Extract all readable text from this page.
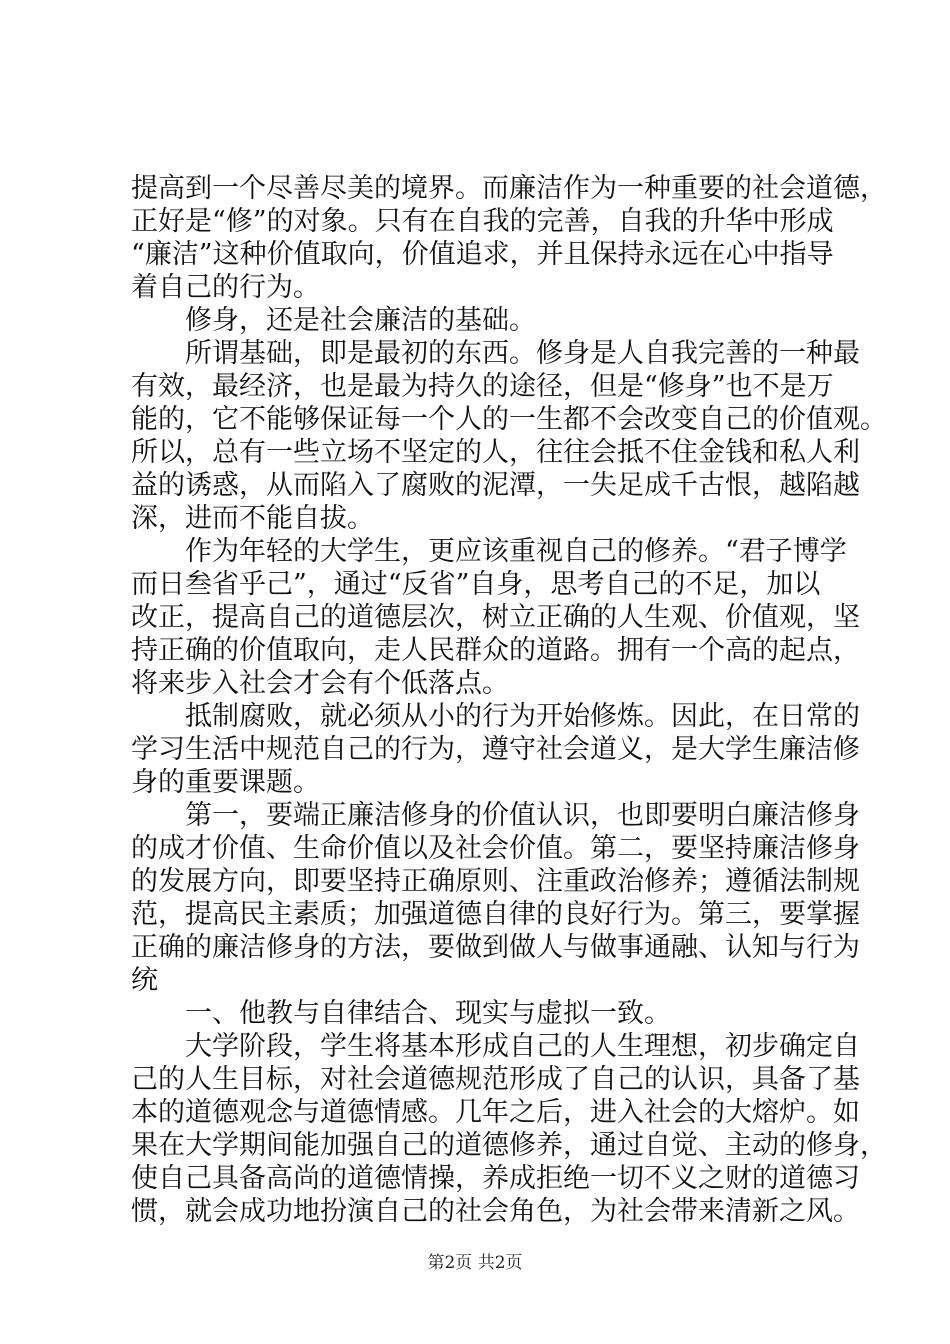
提高到一个尽善尽美的境界。而廉洁作为一种重要的社会道德，
正好是“修”的对象。只有在自我的完善，自我的升华中形成
“廉洁”这种价值取向，价值追求，并且保持永远在心中指导
着自己的行为。
修身，还是社会廉洁的基础。
所谓基础，即是最初的东西。修身是人自我完善的一种最
有效，最经济，也是最为持久的途径，但是“修身”也不是万
能的，它不能够保证每一个人的一生都不会改变自己的价值观。
所以，总有一些立场不坚定的人，往往会抵不住金钱和私人利
益的诱惑，从而陷入了腐败的泥潭，一失足成千古恨，越陷越
深，进而不能自拔。
作为年轻的大学生，更应该重视自己的修养。“君子博学
而日叁省乎己”，通过“反省”自身，思考自己的不足，加以
改正，提高自己的道德层次，树立正确的人生观、价值观，坚
持正确的价值取向，走人民群众的道路。拥有一个高的起点，
将来步入社会才会有个低落点。
抵制腐败，就必须从小的行为开始修炼。因此，在日常的
学习生活中规范自己的行为，遵守社会道义，是大学生廉洁修
身的重要课题。
第一，要端正廉洁修身的价值认识，也即要明白廉洁修身
的成才价值、生命价值以及社会价值。第二，要坚持廉洁修身
的发展方向，即要坚持正确原则、注重政治修养；遵循法制规
范，提高民主素质；加强道德自律的良好行为。第三，要掌握
正确的廉洁修身的方法，要做到做人与做事通融、认知与行为
统
一、他教与自律结合、现实与虚拟一致。
大学阶段，学生将基本形成自己的人生理想，初步确定自
己的人生目标，对社会道德规范形成了自己的认识，具备了基
本的道德观念与道德情感。几年之后，进入社会的大熔炉。如
果在大学期间能加强自己的道德修养，通过自觉、主动的修身，
使自己具备高尚的道德情操，养成拒绝一切不义之财的道德习
惯，就会成功地扮演自己的社会角色，为社会带来清新之风。
第2页 共2页
